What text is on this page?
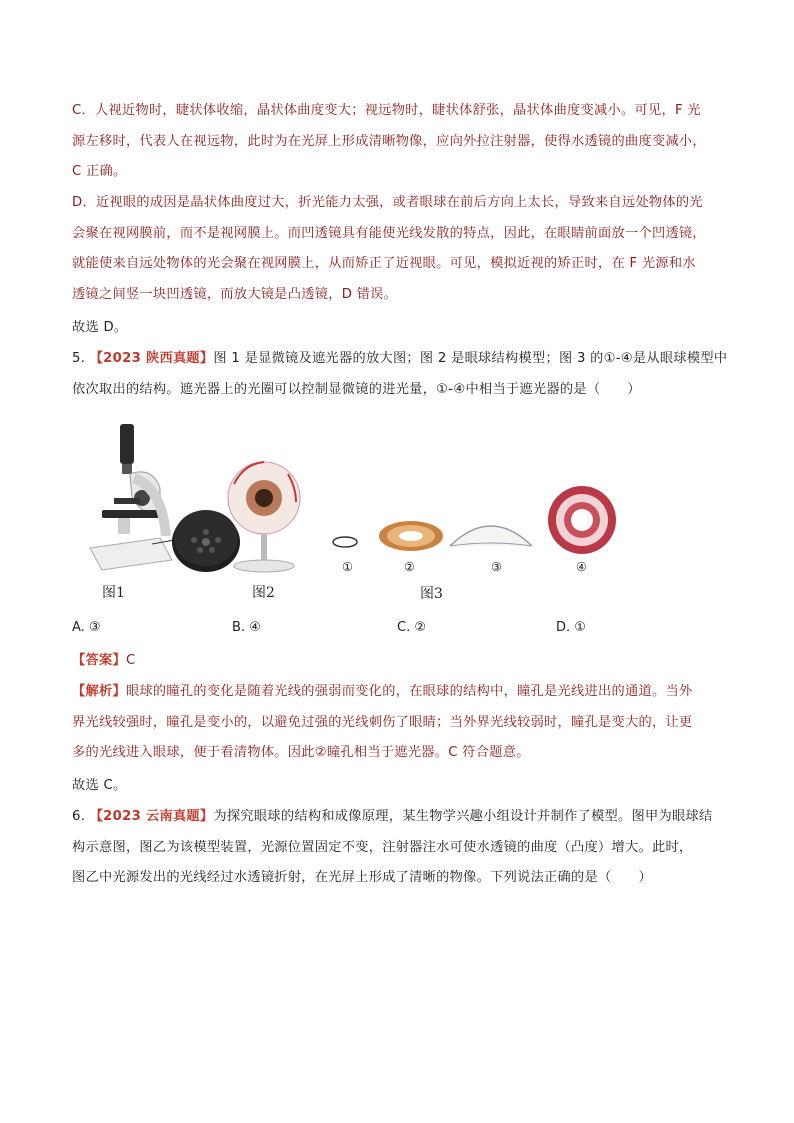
C．人视近物时，睫状体收缩，晶状体曲度变大；视远物时，睫状体舒张，晶状体曲度变减小。可见，F 光
源左移时，代表人在视远物，此时为在光屏上形成清晰物像，应向外拉注射器，使得水透镜的曲度变减小，
C 正确。
D．近视眼的成因是晶状体曲度过大，折光能力太强，或者眼球在前后方向上太长，导致来自远处物体的光
会聚在视网膜前，而不是视网膜上。而凹透镜具有能使光线发散的特点，因此，在眼睛前面放一个凹透镜，
就能使来自远处物体的光会聚在视网膜上，从而矫正了近视眼。可见，模拟近视的矫正时，在 F 光源和水
透镜之间竖一块凹透镜，而放大镜是凸透镜，D 错误。
故选 D。
5. 【2023 陕西真题】图 1 是显微镜及遮光器的放大图；图 2 是眼球结构模型；图 3 的①-④是从眼球模型中
依次取出的结构。遮光器上的光圈可以控制显微镜的进光量，①-④中相当于遮光器的是（　　）
图1	图2	图3
①	②	③	④
A. ③	B. ④	C. ②	D. ①
【答案】C
【解析】眼球的瞳孔的变化是随着光线的强弱而变化的，在眼球的结构中，瞳孔是光线进出的通道。当外
界光线较强时，瞳孔是变小的，以避免过强的光线刺伤了眼睛；当外界光线较弱时，瞳孔是变大的，让更
多的光线进入眼球，便于看清物体。因此②瞳孔相当于遮光器。C 符合题意。
故选 C。
6. 【2023 云南真题】为探究眼球的结构和成像原理，某生物学兴趣小组设计并制作了模型。图甲为眼球结
构示意图，图乙为该模型装置，光源位置固定不变，注射器注水可使水透镜的曲度（凸度）增大。此时，
图乙中光源发出的光线经过水透镜折射，在光屏上形成了清晰的物像。下列说法正确的是（　　）
